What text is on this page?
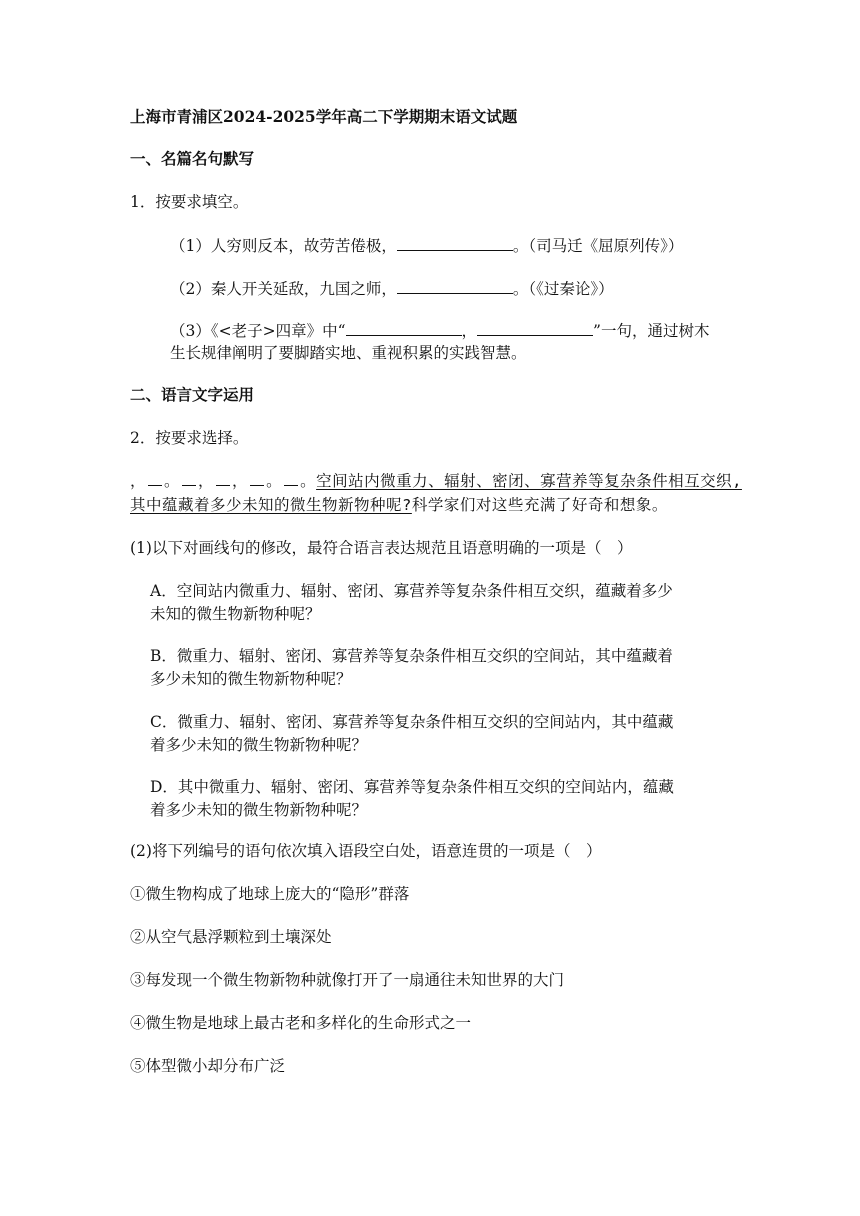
上海市青浦区2024-2025学年高二下学期期末语文试题
一、名篇名句默写
1．按要求填空。
（1）人穷则反本，故劳苦倦极，	。（司马迁《屈原列传》）
（2）秦人开关延敌，九国之师，	。（《过秦论》）
（3）《<老子>四章》中“	，	”一句，通过树木
生长规律阐明了要脚踏实地、重视积累的实践智慧。
二、语言文字运用
2．按要求选择。
， 。 ， ， 。 。空间站内微重力、辐射、密闭、寡营养等复杂条件相互交织,
其中蕴藏着多少未知的微生物新物种呢?科学家们对这些充满了好奇和想象。
(1)以下对画线句的修改，最符合语言表达规范且语意明确的一项是（　）
A．空间站内微重力、辐射、密闭、寡营养等复杂条件相互交织，蕴藏着多少
未知的微生物新物种呢？
B．微重力、辐射、密闭、寡营养等复杂条件相互交织的空间站，其中蕴藏着
多少未知的微生物新物种呢？
C．微重力、辐射、密闭、寡营养等复杂条件相互交织的空间站内，其中蕴藏
着多少未知的微生物新物种呢？
D．其中微重力、辐射、密闭、寡营养等复杂条件相互交织的空间站内，蕴藏
着多少未知的微生物新物种呢？
(2)将下列编号的语句依次填入语段空白处，语意连贯的一项是（　）
①微生物构成了地球上庞大的“隐形”群落
②从空气悬浮颗粒到土壤深处
③每发现一个微生物新物种就像打开了一扇通往未知世界的大门
④微生物是地球上最古老和多样化的生命形式之一
⑤体型微小却分布广泛
